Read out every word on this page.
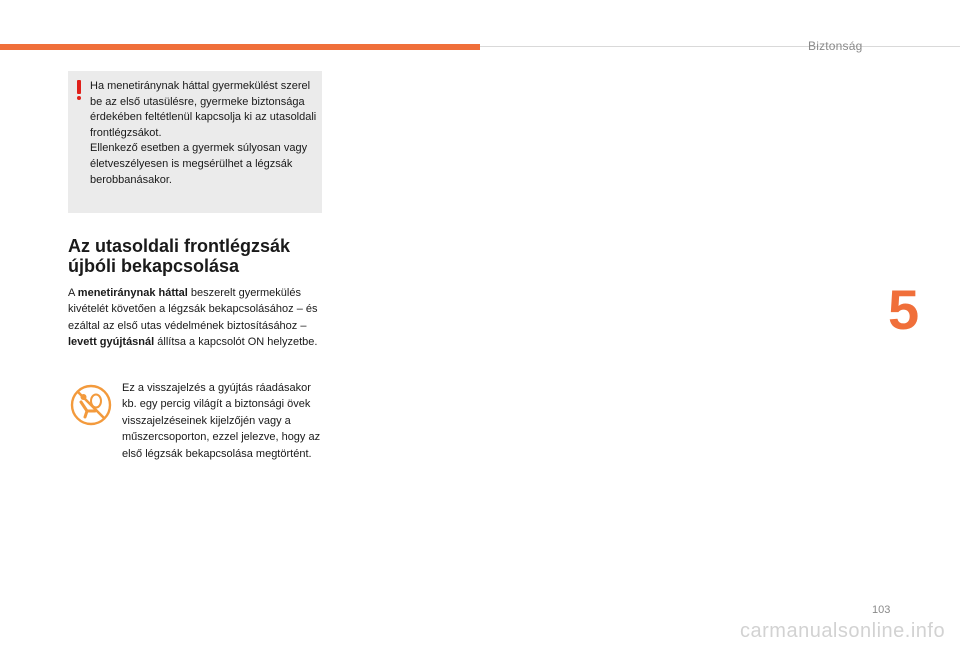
Biztonság
5

Ha menetiránynak háttal gyermekülést szerel be az első utasülésre, gyermeke biztonsága érdekében feltétlenül kapcsolja ki az utasoldali frontlégzsákot.

Ellenkező esetben a gyermek súlyosan vagy életveszélyesen is megsérülhet a légzsák berobbanásakor.

Az utasoldali frontlégzsák
újbóli bekapcsolása

A menetiránynak háttal beszerelt gyermekülés kivételét követően a légzsák bekapcsolásához – és ezáltal az első utas védelmének biztosításához – levett gyújtásnál állítsa a kapcsolót ON helyzetbe.

Ez a visszajelzés a gyújtás ráadásakor kb. egy percig világít a biztonsági övek visszajelzéseinek kijelzőjén vagy a műszercsoporton, ezzel jelezve, hogy az első légzsák bekapcsolása megtörtént.

103
carmanualsonline.info
